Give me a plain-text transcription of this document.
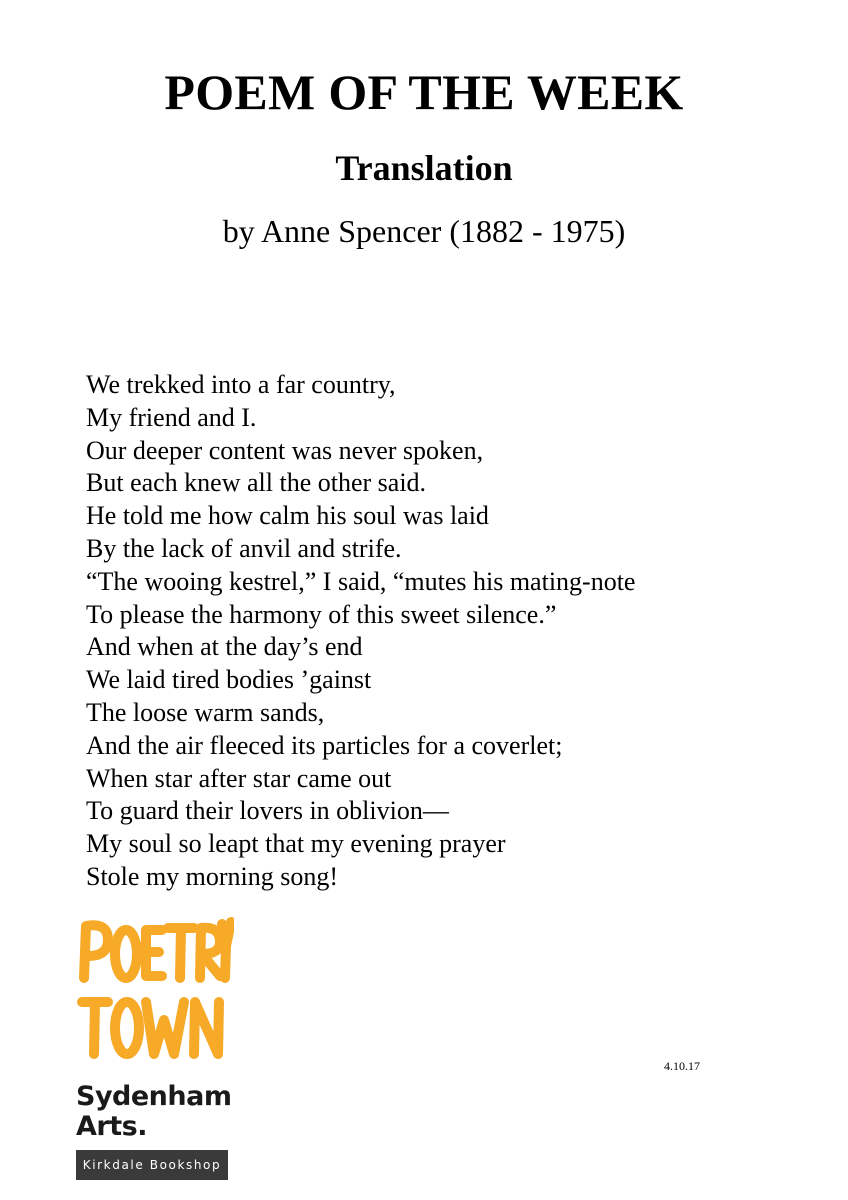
POEM OF THE WEEK
Translation

by Anne Spencer (1882 - 1975)

We trekked into a far country,
My friend and I.
Our deeper content was never spoken,
But each knew all the other said.
He told me how calm his soul was laid
By the lack of anvil and strife.
“The wooing kestrel,” I said, “mutes his mating-note
To please the harmony of this sweet silence.”
And when at the day’s end
We laid tired bodies ’gainst
The loose warm sands,
And the air fleeced its particles for a coverlet;
When star after star came out
To guard their lovers in oblivion—
My soul so leapt that my evening prayer
Stole my morning song!
Sydenham
Arts.
Kirkdale Bookshop
4.10.17
